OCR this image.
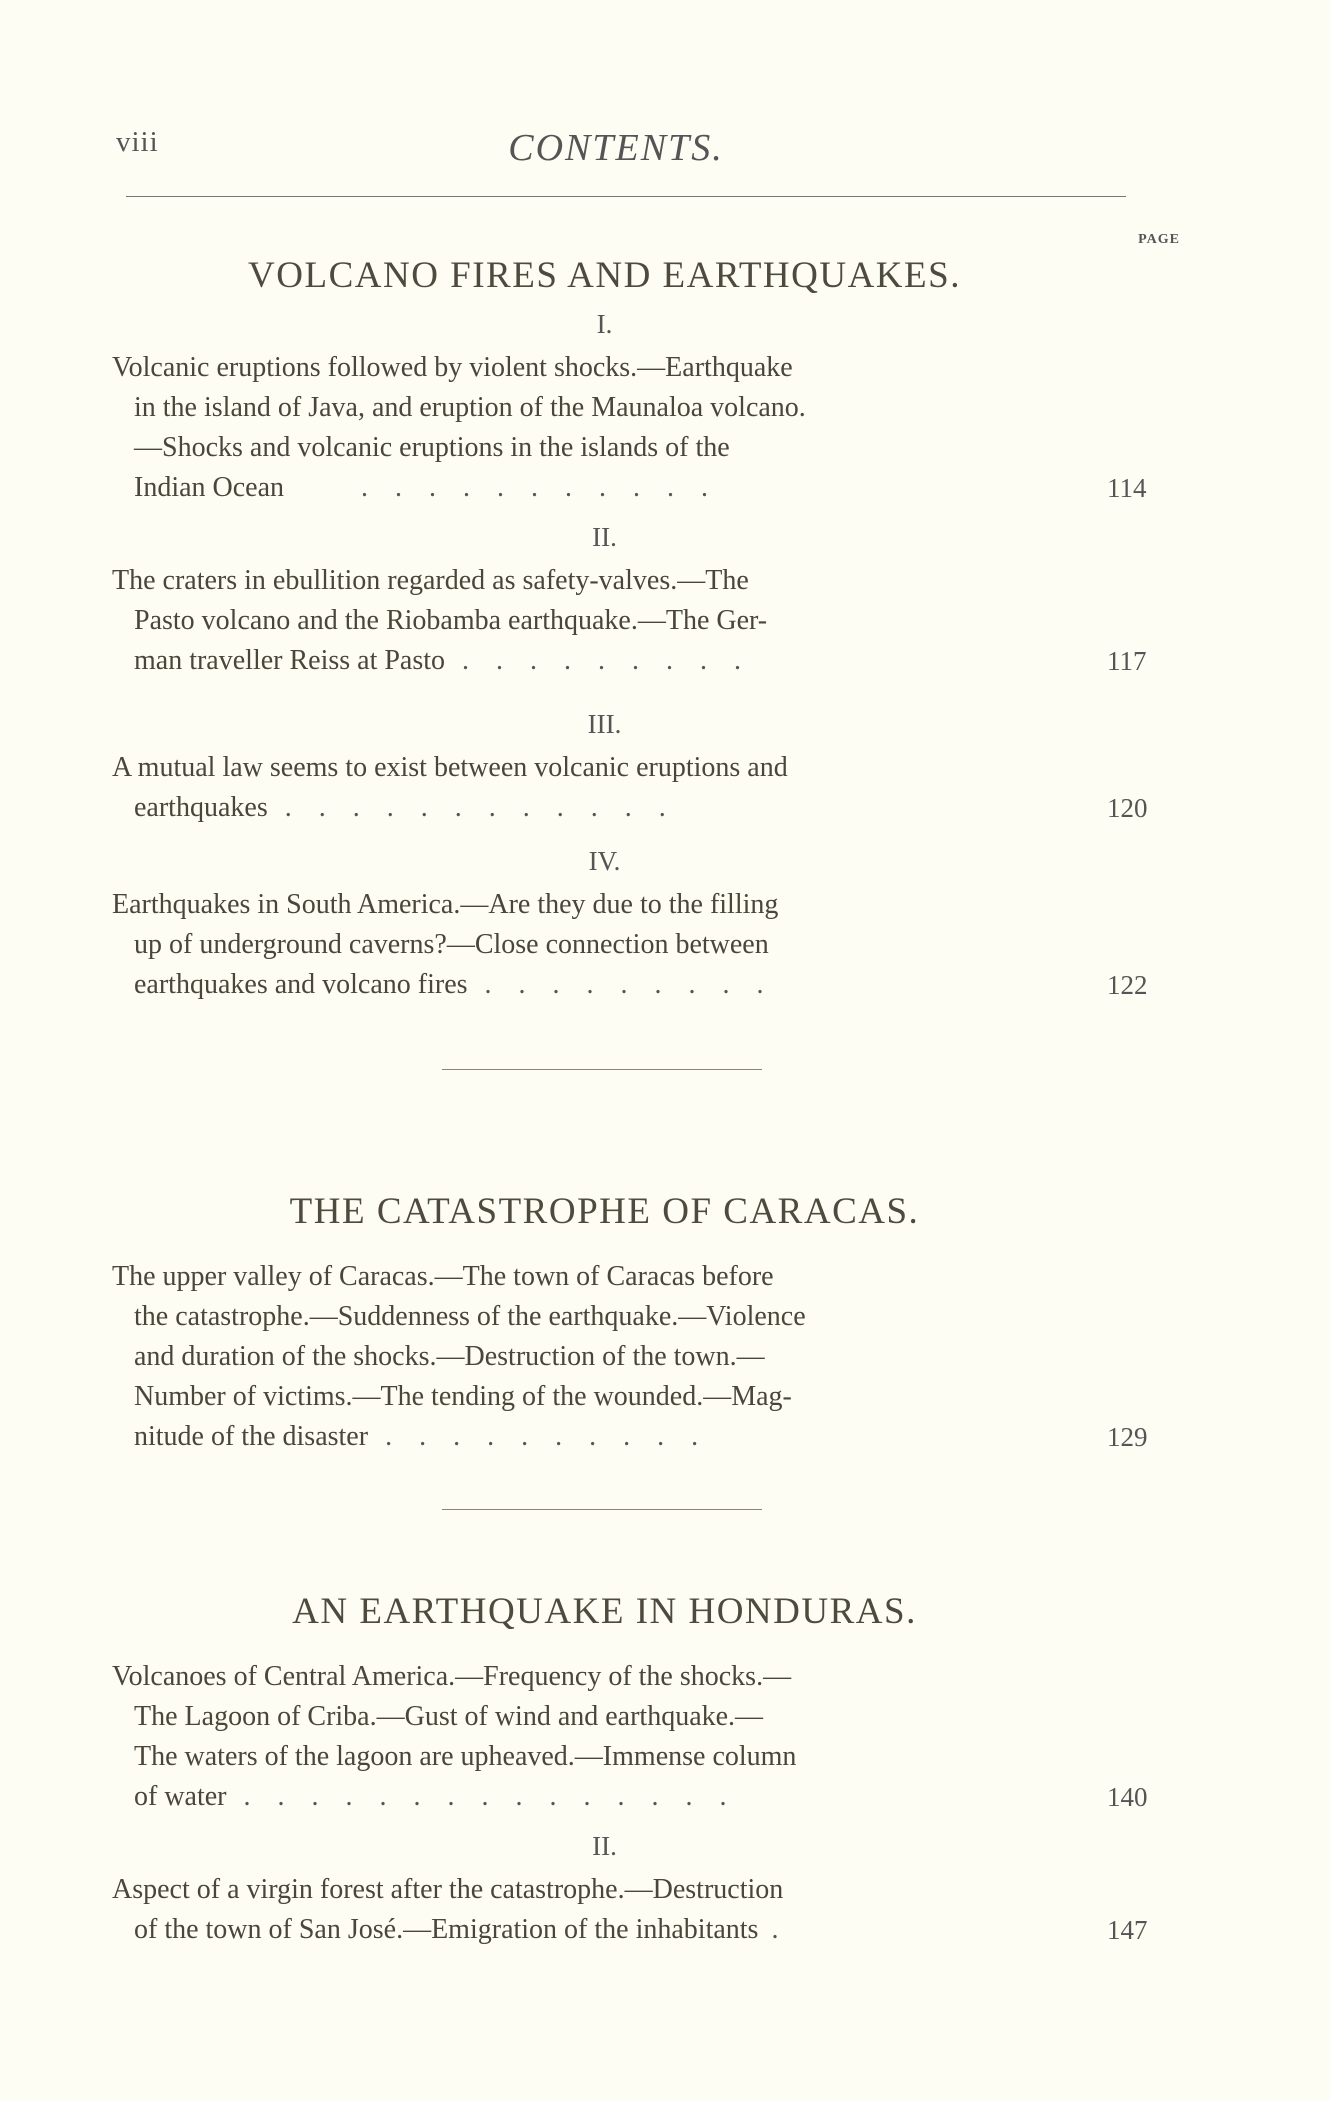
viii	CONTENTS.
PAGE
VOLCANO FIRES AND EARTHQUAKES.
I.
Volcanic eruptions followed by violent shocks.—Earthquake
in the island of Java, and eruption of the Maunaloa volcano.
—Shocks and volcanic eruptions in the islands of the
Indian Ocean . . . . . . . . . . .	114
II.
The craters in ebullition regarded as safety-valves.—The
Pasto volcano and the Riobamba earthquake.—The Ger-
man traveller Reiss at Pasto . . . . . . . . .	117
III.
A mutual law seems to exist between volcanic eruptions and
earthquakes . . . . . . . . . . . .	120
IV.
Earthquakes in South America.—Are they due to the filling
up of underground caverns?—Close connection between
earthquakes and volcano fires . . . . . . . . .	122
THE CATASTROPHE OF CARACAS.
The upper valley of Caracas.—The town of Caracas before
the catastrophe.—Suddenness of the earthquake.—Violence
and duration of the shocks.—Destruction of the town.—
Number of victims.—The tending of the wounded.—Mag-
nitude of the disaster . . . . . . . . . .	129
AN EARTHQUAKE IN HONDURAS.
Volcanoes of Central America.—Frequency of the shocks.—
The Lagoon of Criba.—Gust of wind and earthquake.—
The waters of the lagoon are upheaved.—Immense column
of water . . . . . . . . . . . . . . .	140
II.
Aspect of a virgin forest after the catastrophe.—Destruction
of the town of San José.—Emigration of the inhabitants .	147
